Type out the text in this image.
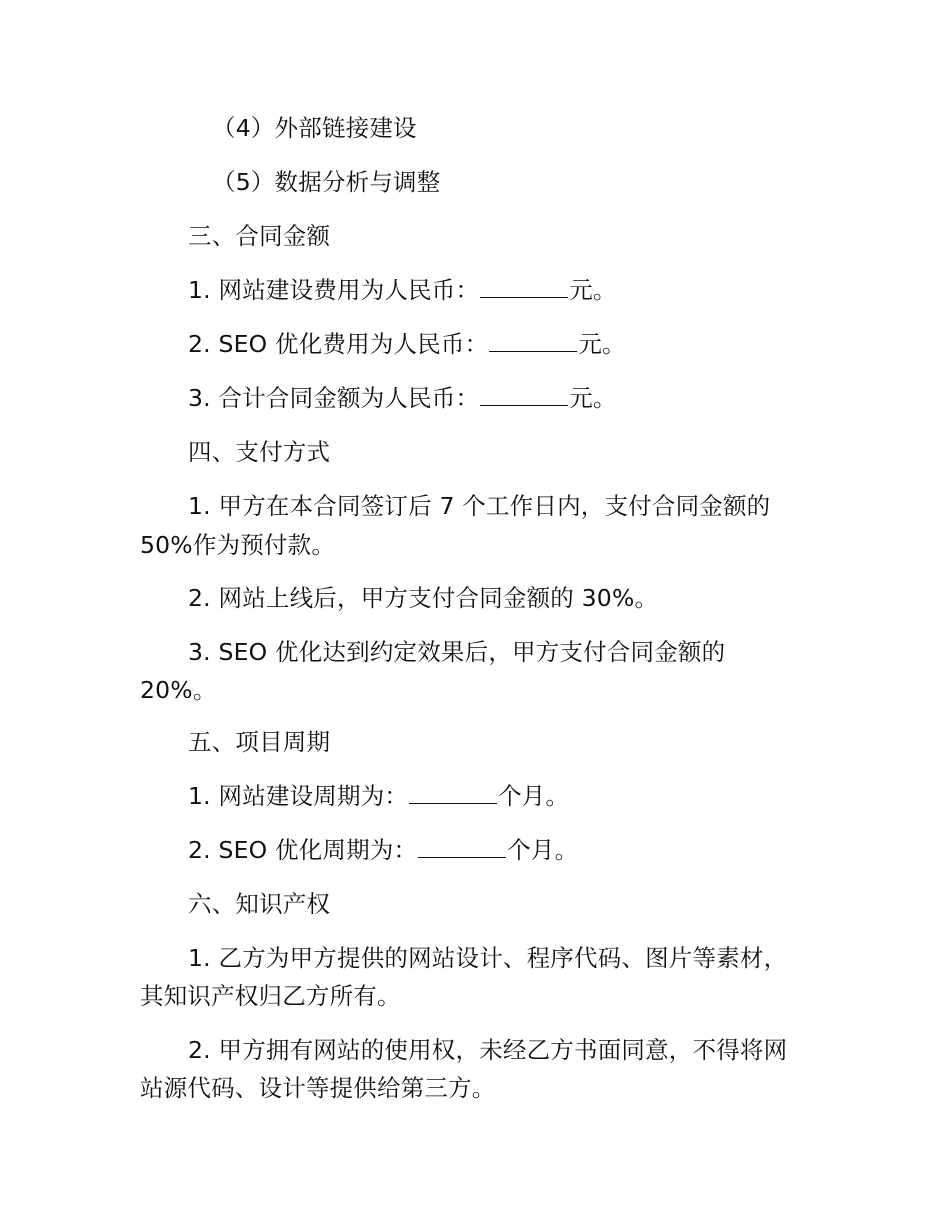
（4）外部链接建设
（5）数据分析与调整
三、合同金额
1. 网站建设费用为人民币：	元。
2. SEO 优化费用为人民币：	元。
3. 合计合同金额为人民币：	元。
四、支付方式
1. 甲方在本合同签订后 7 个工作日内，支付合同金额的
50%作为预付款。
2. 网站上线后，甲方支付合同金额的 30%。
3. SEO 优化达到约定效果后，甲方支付合同金额的
20%。
五、项目周期
1. 网站建设周期为：	个月。
2. SEO 优化周期为：	个月。
六、知识产权
1. 乙方为甲方提供的网站设计、程序代码、图片等素材，
其知识产权归乙方所有。
2. 甲方拥有网站的使用权，未经乙方书面同意，不得将网
站源代码、设计等提供给第三方。
